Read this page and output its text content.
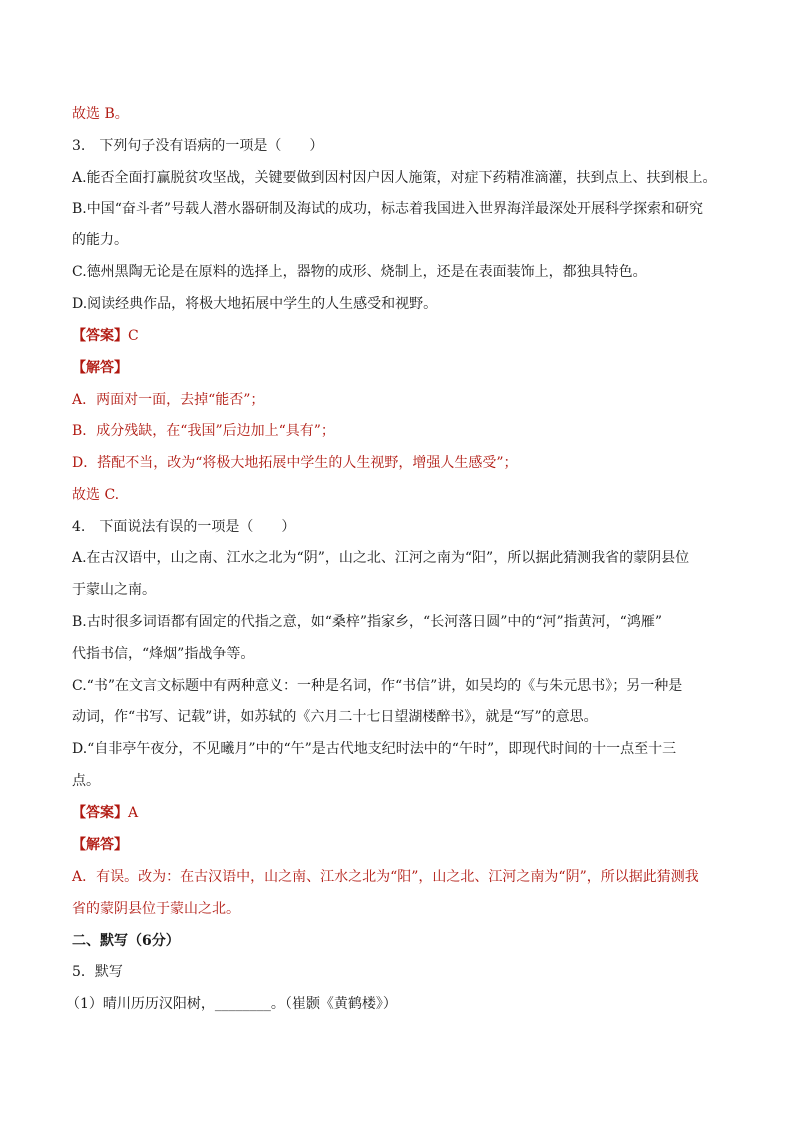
故选 B。
3.　下列句子没有语病的一项是（　　）
A.能否全面打赢脱贫攻坚战，关键要做到因村因户因人施策，对症下药精准滴灌，扶到点上、扶到根上。
B.中国“奋斗者”号载人潜水器研制及海试的成功，标志着我国进入世界海洋最深处开展科学探索和研究
的能力。
C.德州黑陶无论是在原料的选择上，器物的成形、烧制上，还是在表面装饰上，都独具特色。
D.阅读经典作品，将极大地拓展中学生的人生感受和视野。
【答案】C
【解答】
A．两面对一面，去掉“能否”；
B．成分残缺，在“我国”后边加上“具有”；
D．搭配不当，改为“将极大地拓展中学生的人生视野，增强人生感受”；
故选 C.
4.　下面说法有误的一项是（　　）
A.在古汉语中，山之南、江水之北为“阴”，山之北、江河之南为“阳”，所以据此猜测我省的蒙阴县位
于蒙山之南。
B.古时很多词语都有固定的代指之意，如“桑梓”指家乡，“长河落日圆”中的“河”指黄河，“鸿雁”
代指书信，“烽烟”指战争等。
C.“书”在文言文标题中有两种意义：一种是名词，作“书信”讲，如吴均的《与朱元思书》；另一种是
动词，作“书写、记载”讲，如苏轼的《六月二十七日望湖楼醉书》，就是“写”的意思。
D.“自非亭午夜分，不见曦月”中的“午”是古代地支纪时法中的“午时”，即现代时间的十一点至十三
点。
【答案】A
【解答】
A．有误。改为：在古汉语中，山之南、江水之北为“阳”，山之北、江河之南为“阴”，所以据此猜测我
省的蒙阴县位于蒙山之北。
二、默写（6分）
5．默写
（1）晴川历历汉阳树，________。（崔颢《黄鹤楼》）
